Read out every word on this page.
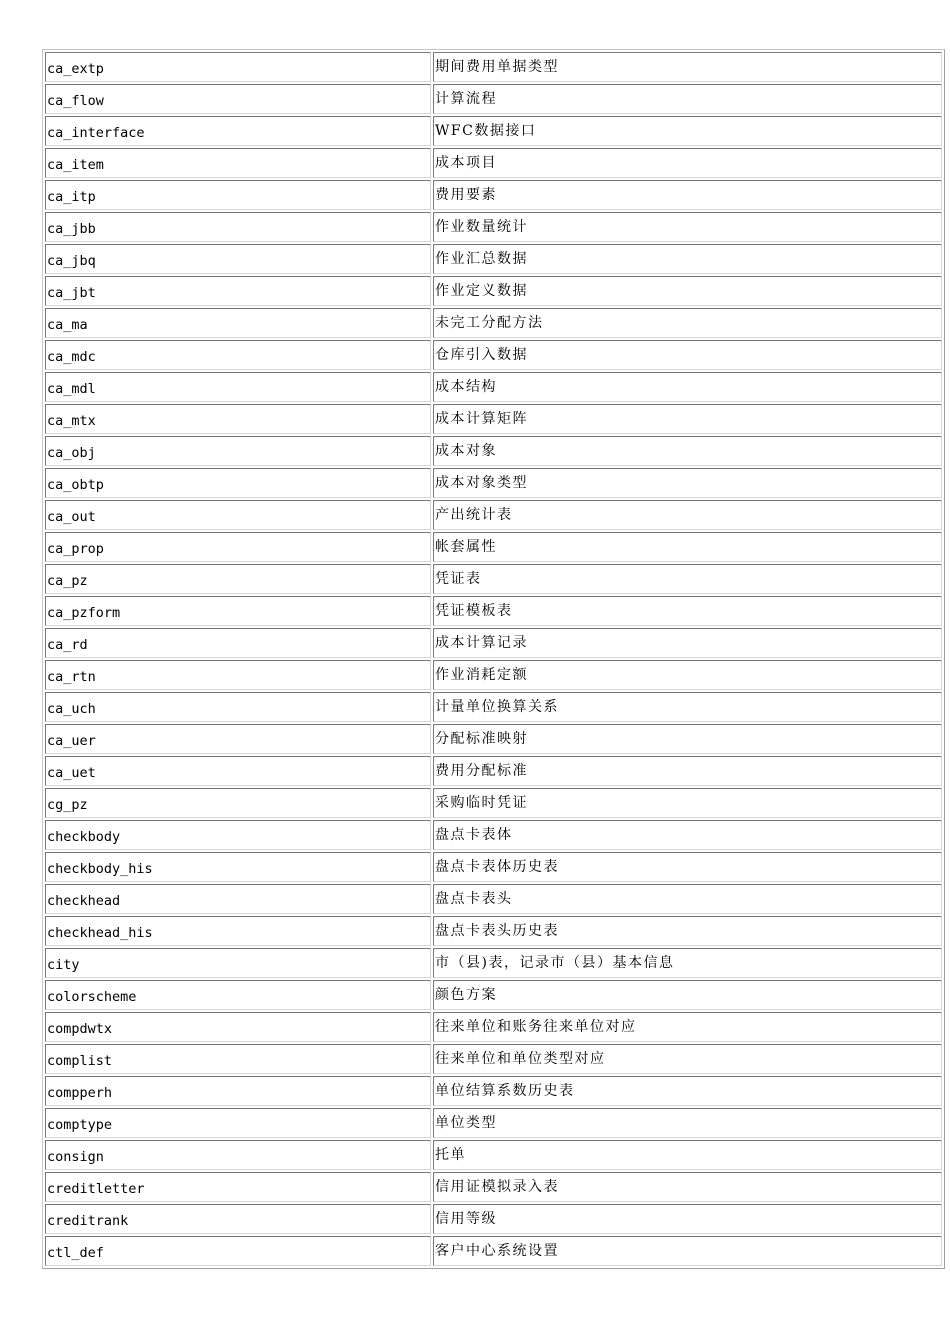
ca_extp	期间费用单据类型
ca_flow	计算流程
ca_interface	WFC数据接口
ca_item	成本项目
ca_itp	费用要素
ca_jbb	作业数量统计
ca_jbq	作业汇总数据
ca_jbt	作业定义数据
ca_ma	未完工分配方法
ca_mdc	仓库引入数据
ca_mdl	成本结构
ca_mtx	成本计算矩阵
ca_obj	成本对象
ca_obtp	成本对象类型
ca_out	产出统计表
ca_prop	帐套属性
ca_pz	凭证表
ca_pzform	凭证模板表
ca_rd	成本计算记录
ca_rtn	作业消耗定额
ca_uch	计量单位换算关系
ca_uer	分配标准映射
ca_uet	费用分配标准
cg_pz	采购临时凭证
checkbody	盘点卡表体
checkbody_his	盘点卡表体历史表
checkhead	盘点卡表头
checkhead_his	盘点卡表头历史表
city	市（县)表，记录市（县）基本信息
colorscheme	颜色方案
compdwtx	往来单位和账务往来单位对应
complist	往来单位和单位类型对应
compperh	单位结算系数历史表
comptype	单位类型
consign	托单
creditletter	信用证模拟录入表
creditrank	信用等级
ctl_def	客户中心系统设置
